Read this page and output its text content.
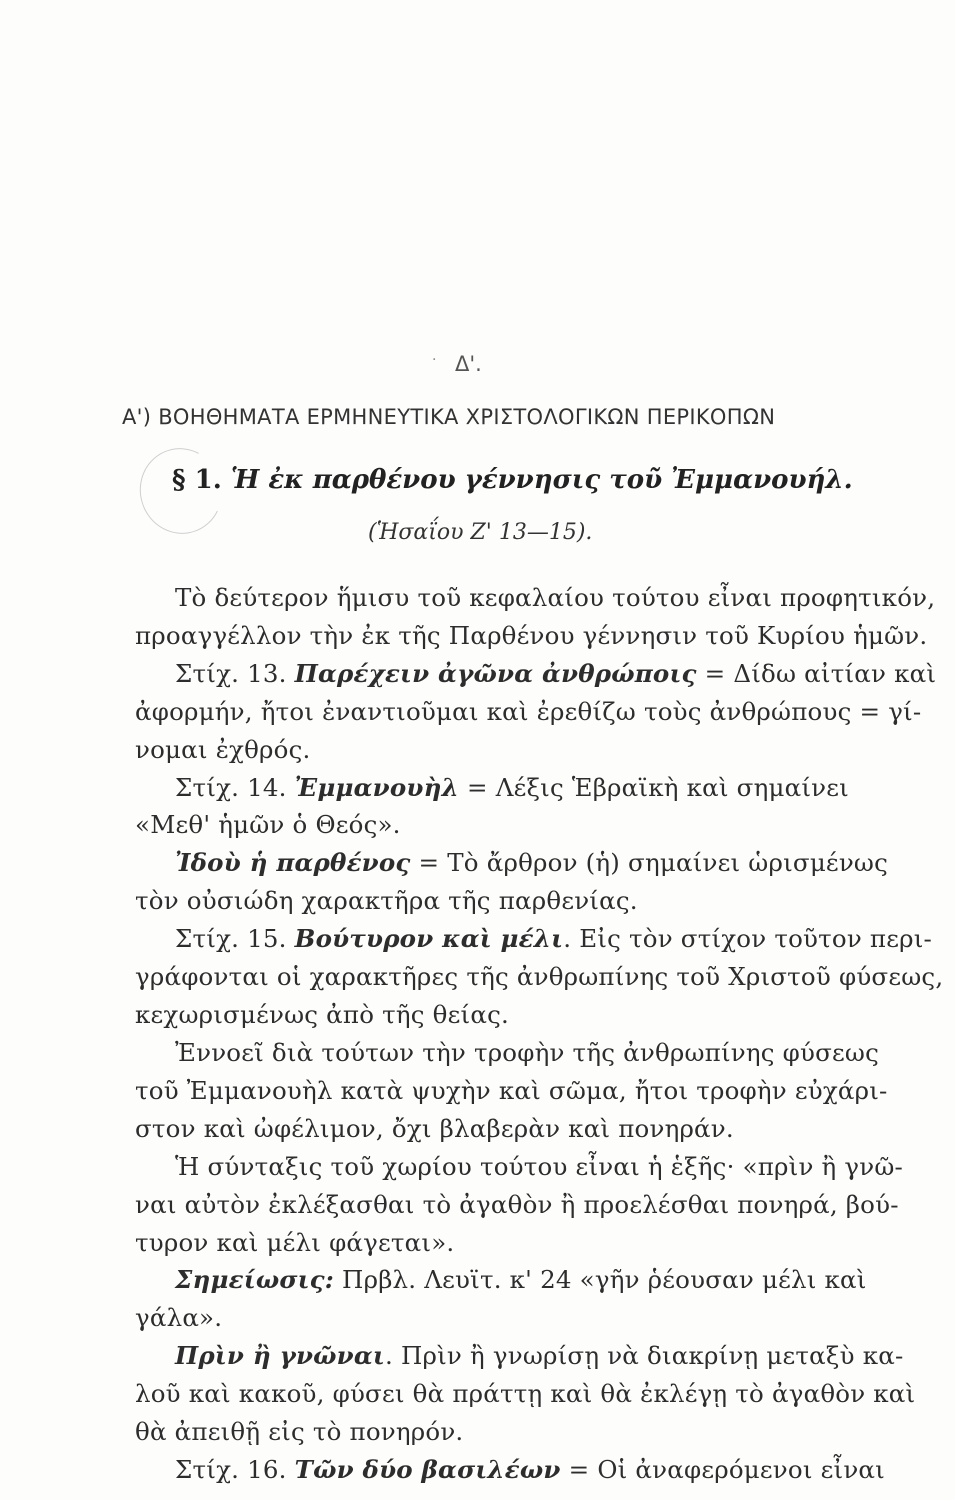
· Δ'.
Α') ΒΟΗΘΗΜΑΤΑ ΕΡΜΗΝΕΥΤΙΚΑ ΧΡΙΣΤΟΛΟΓΙΚΩΝ ΠΕΡΙΚΟΠΩΝ
§ 1. Ἡ ἐκ παρθένου γέννησις τοῦ Ἐμμανουήλ.
(Ἡσαΐου Ζ' 13—15).
Τὸ δεύτερον ἥμισυ τοῦ κεφαλαίου τούτου εἶναι προφητικόν,
προαγγέλλον τὴν ἐκ τῆς Παρθένου γέννησιν τοῦ Κυρίου ἡμῶν.
Στίχ. 13. Παρέχειν ἀγῶνα ἀνθρώποις = Δίδω αἰτίαν καὶ
ἀφορμήν, ἤτοι ἐναντιοῦμαι καὶ ἐρεθίζω τοὺς ἀνθρώπους = γί-
νομαι ἐχθρός.
Στίχ. 14. Ἐμμανουὴλ = Λέξις Ἑβραϊκὴ καὶ σημαίνει
«Μεθ' ἡμῶν ὁ Θεός».
Ἰδοὺ ἡ παρθένος = Τὸ ἄρθρον (ἡ) σημαίνει ὡρισμένως
τὸν οὐσιώδη χαρακτῆρα τῆς παρθενίας.
Στίχ. 15. Βούτυρον καὶ μέλι. Εἰς τὸν στίχον τοῦτον περι-
γράφονται οἱ χαρακτῆρες τῆς ἀνθρωπίνης τοῦ Χριστοῦ φύσεως,
κεχωρισμένως ἀπὸ τῆς θείας.
Ἐννοεῖ διὰ τούτων τὴν τροφὴν τῆς ἀνθρωπίνης φύσεως
τοῦ Ἐμμανουὴλ κατὰ ψυχὴν καὶ σῶμα, ἤτοι τροφὴν εὐχάρι-
στον καὶ ὠφέλιμον, ὄχι βλαβερὰν καὶ πονηράν.
Ἡ σύνταξις τοῦ χωρίου τούτου εἶναι ἡ ἑξῆς· «πρὶν ἢ γνῶ-
ναι αὐτὸν ἐκλέξασθαι τὸ ἀγαθὸν ἢ προελέσθαι πονηρά, βού-
τυρον καὶ μέλι φάγεται».
Σημείωσις: Πρβλ. Λευϊτ. κ' 24 «γῆν ῥέουσαν μέλι καὶ
γάλα».
Πρὶν ἢ γνῶναι. Πρὶν ἢ γνωρίσῃ νὰ διακρίνῃ μεταξὺ κα-
λοῦ καὶ κακοῦ, φύσει θὰ πράττῃ καὶ θὰ ἐκλέγῃ τὸ ἀγαθὸν καὶ
θὰ ἀπειθῇ εἰς τὸ πονηρόν.
Στίχ. 16. Τῶν δύο βασιλέων = Οἱ ἀναφερόμενοι εἶναι
